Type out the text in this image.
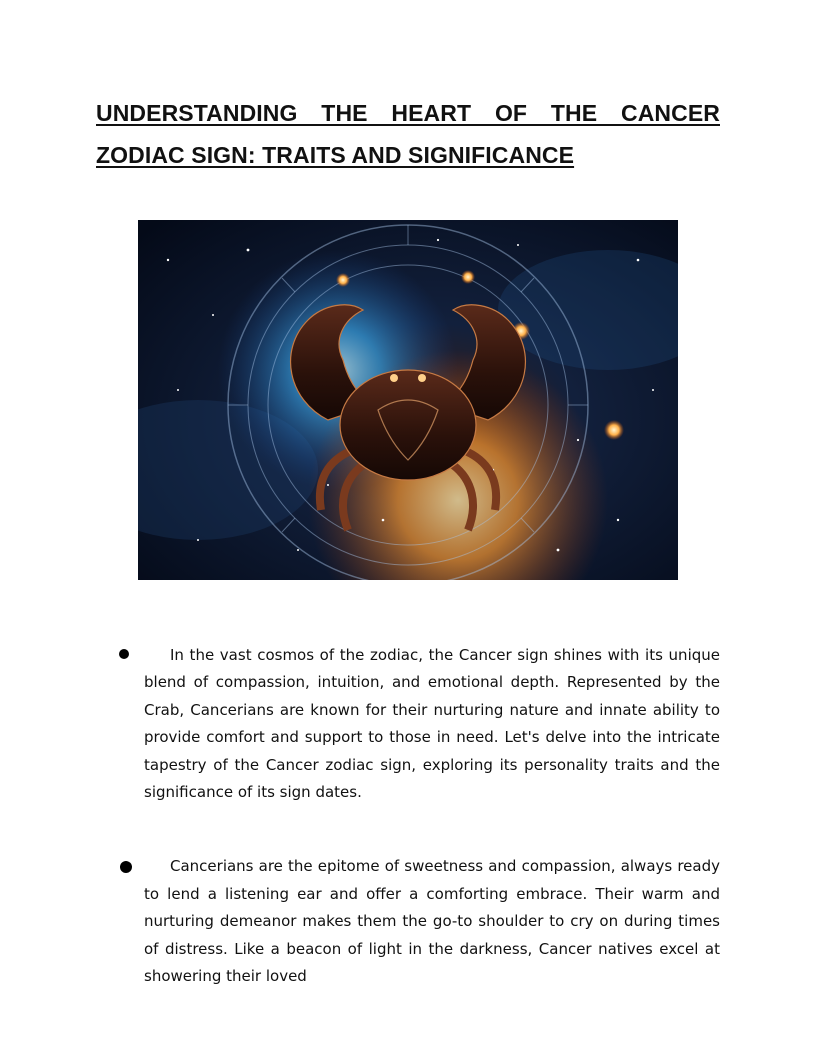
UNDERSTANDING THE HEART OF THE CANCER ZODIAC SIGN: TRAITS AND SIGNIFICANCE
In the vast cosmos of the zodiac, the Cancer sign shines with its unique blend of compassion, intuition, and emotional depth. Represented by the Crab, Cancerians are known for their nurturing nature and innate ability to provide comfort and support to those in need. Let's delve into the intricate tapestry of the Cancer zodiac sign, exploring its personality traits and the significance of its sign dates.
Cancerians are the epitome of sweetness and compassion, always ready to lend a listening ear and offer a comforting embrace. Their warm and nurturing demeanor makes them the go-to shoulder to cry on during times of distress. Like a beacon of light in the darkness, Cancer natives excel at showering their loved
